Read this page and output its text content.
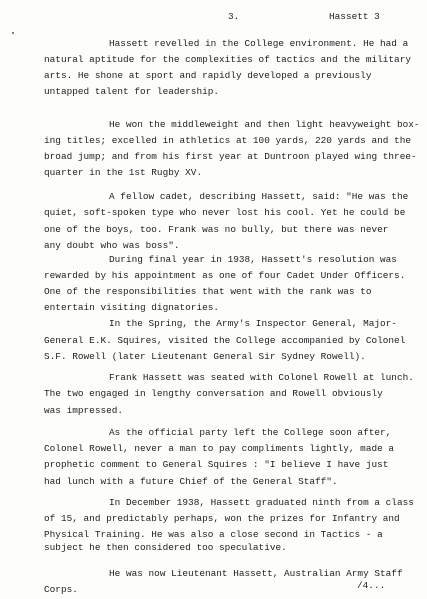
3.	Hassett 3

Hassett revelled in the College environment. He had a

natural aptitude for the complexities of tactics and the military

arts. He shone at sport and rapidly developed a previously

untapped talent for leadership.

He won the middleweight and then light heavyweight box-

ing titles; excelled in athletics at 100 yards, 220 yards and the

broad jump; and from his first year at Duntroon played wing three-

quarter in the 1st Rugby XV.

A fellow cadet, describing Hassett, said: "He was the

quiet, soft-spoken type who never lost his cool. Yet he could be

one of the boys, too. Frank was no bully, but there was never

any doubt who was boss".

During final year in 1938, Hassett's resolution was

rewarded by his appointment as one of four Cadet Under Officers.

One of the responsibilities that went with the rank was to

entertain visiting dignatories.

In the Spring, the Army's Inspector General, Major-

General E.K. Squires, visited the College accompanied by Colonel

S.F. Rowell (later Lieutenant General Sir Sydney Rowell).

Frank Hassett was seated with Colonel Rowell at lunch.

The two engaged in lengthy conversation and Rowell obviously

was impressed.

As the official party left the College soon after,

Colonel Rowell, never a man to pay compliments lightly, made a

prophetic comment to General Squires : "I believe I have just

had lunch with a future Chief of the General Staff".

In December 1938, Hassett graduated ninth from a class

of 15, and predictably perhaps, won the prizes for Infantry and

Physical Training. He was also a close second in Tactics - a

subject he then considered too speculative.

He was now Lieutenant Hassett, Australian Army Staff

Corps.	/4...
